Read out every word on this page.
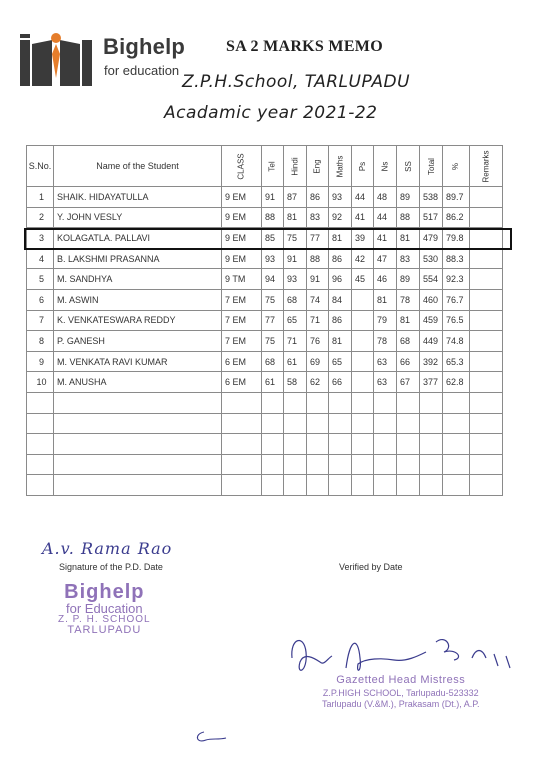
Bighelp
for education
SA 2 MARKS MEMO
Z.P.H.School, TARLUPADU
Acadamic year 2021-22
S.No.	Name of the Student	CLASS	Tel	Hindi	Eng	Maths	Ps	Ns	SS	Total	%	Remarks
1	SHAIK. HIDAYATULLA	9 EM	91	87	86	93	44	48	89	538	89.7	
2	Y. JOHN VESLY	9 EM	88	81	83	92	41	44	88	517	86.2	
3	KOLAGATLA. PALLAVI	9 EM	85	75	77	81	39	41	81	479	79.8	
4	B. LAKSHMI PRASANNA	9 EM	93	91	88	86	42	47	83	530	88.3	
5	M. SANDHYA	9 TM	94	93	91	96	45	46	89	554	92.3	
6	M. ASWIN	7 EM	75	68	74	84		81	78	460	76.7	
7	K. VENKATESWARA REDDY	7 EM	77	65	71	86		79	81	459	76.5	
8	P. GANESH	7 EM	75	71	76	81		78	68	449	74.8	
9	M. VENKATA RAVI KUMAR	6 EM	68	61	69	65		63	66	392	65.3	
10	M. ANUSHA	6 EM	61	58	62	66		63	67	377	62.8	

A.v. Rama Rao
Signature of the P.D. Date	Verified by Date
Bighelp
for Education
Z. P. H. SCHOOL
TARLUPADU
Gazetted Head Mistress
Z.P.HIGH SCHOOL, Tarlupadu-523332
Tarlupadu (V.&M.), Prakasam (Dt.), A.P.
